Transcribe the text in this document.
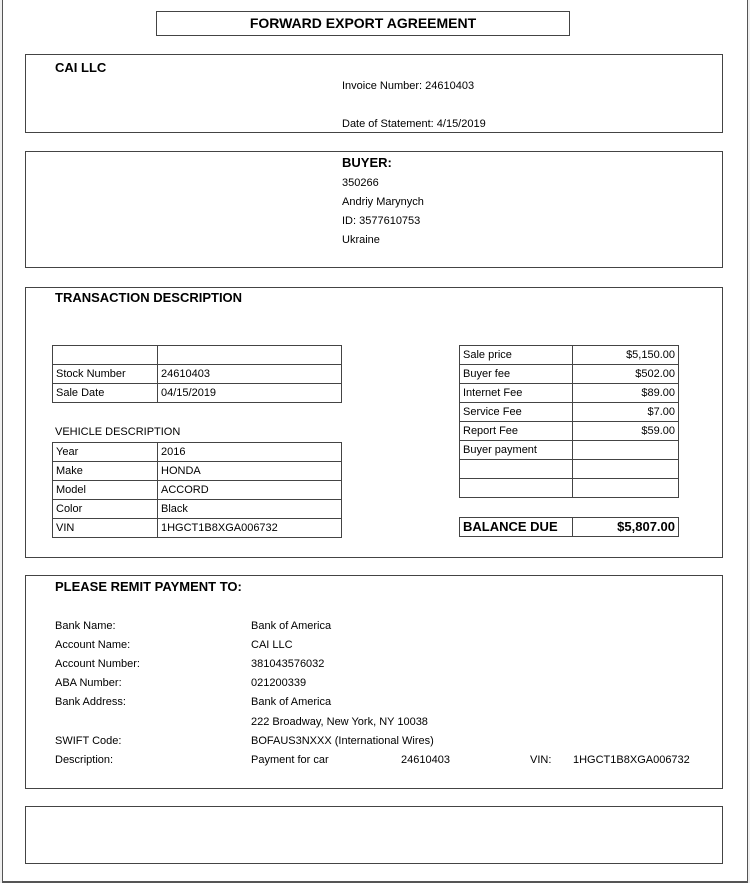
FORWARD EXPORT AGREEMENT
CAI LLC
Invoice Number: 24610403
Date of Statement: 4/15/2019
BUYER:
350266
Andriy Marynych
ID: 3577610753
Ukraine
TRANSACTION DESCRIPTION

Stock Number	24610403
Sale Date	04/15/2019
VEHICLE DESCRIPTION
Year	2016
Make	HONDA
Model	ACCORD
Color	Black
VIN	1HGCT1B8XGA006732
Sale price	$5,150.00
Buyer fee	$502.00
Internet Fee	$89.00
Service Fee	$7.00
Report Fee	$59.00
Buyer payment	

BALANCE DUE	$5,807.00
PLEASE REMIT PAYMENT TO:
Bank Name:	Bank of America
Account Name:	CAI LLC
Account Number:	381043576032
ABA Number:	021200339
Bank Address:	Bank of America
222 Broadway, New York, NY 10038
SWIFT Code:	BOFAUS3NXXX (International Wires)
Description:	Payment for car	24610403	VIN: 1HGCT1B8XGA006732
